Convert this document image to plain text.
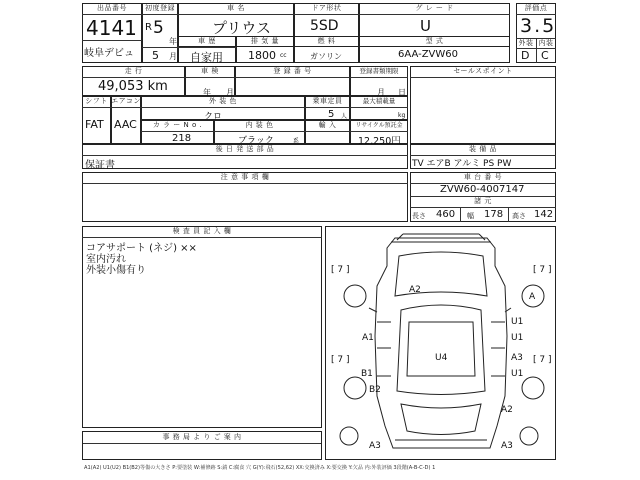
出品番号
4141
岐阜デビュ
初度登録
R 5
年
5 月
車 名
プリウス
ドア形状
5SD
グ レ ー ド
U
評価点
3.5
外装 内装
D C
車 歴
自家用
排 気 量
1800 cc
燃 料
ガソリン
型 式
6AA-ZVW60
走 行
49,053 km
車 検
年 月
登 録 番 号	登録書類期限
月 日
セールスポイント
シフト
FAT
エアコン
AAC
外 装 色
クロ
乗車定員
5 人
最大積載量
kg
カ ラ ー N o .
218
内 装 色
ブラック	系
輸 入	リサイクル預託金
12,250円
後 日 発 送 部 品
保証書
装 備 品
TV エアB アルミ PS PW
注 意 事 項 欄	車 台 番 号
ZVW60-4007147
諸 元
長さ 460 幅 178 高さ 142
検 査 員 記 入 欄
コアサポート (ネジ) ××
室内汚れ
外装小傷有り
事 務 局 よ り ご 案 内
[ 7 ]	[ 7 ]
[ 7 ]	[ 7 ]
A2
A
A1
U1
U4
U1
A3
B1	U1
B2
A2
A3	A3
A1(A2) U1(U2) B1(B2)等傷の大きさ P:要塗装 W:補修跡 S:錆 C:腐食 穴 G(Y):飛石(52,62) XX:交換済み X:要交換 Y:欠品 内:外装評価 3段階(A-B-C-D) 1
